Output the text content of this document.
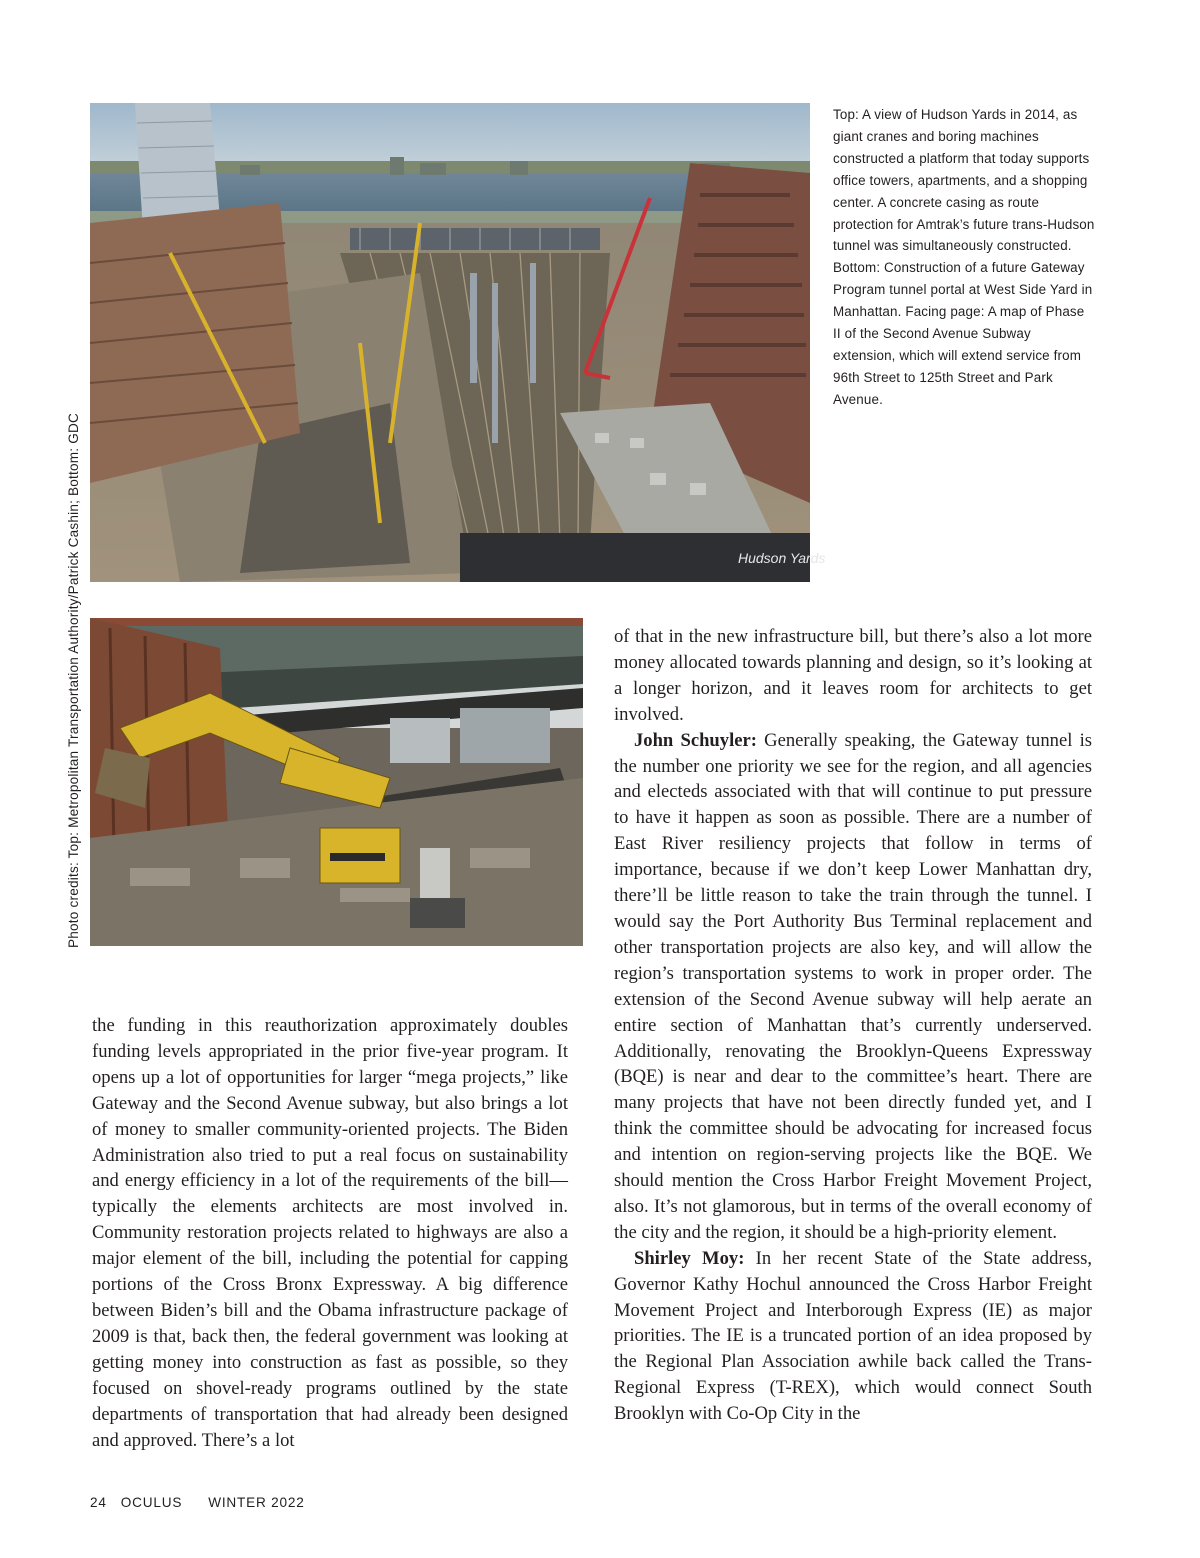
Photo credits: Top: Metropolitan Transportation Authority/Patrick Cashin; Bottom: GDC	Hudson Yards
Top: A view of Hudson Yards in 2014, as giant cranes and boring machines constructed a platform that today supports office towers, apartments, and a shopping center. A concrete casing as route protection for Amtrak’s future trans-Hudson tunnel was simultaneously constructed. Bottom: Construction of a future Gateway Program tunnel portal at West Side Yard in Manhattan. Facing page: A map of Phase II of the Second Avenue Subway extension, which will extend service from 96th Street to 125th Street and Park Avenue.

the funding in this reauthorization approximately doubles funding levels appropriated in the prior five-year program. It opens up a lot of opportunities for larger “mega projects,” like Gateway and the Second Avenue subway, but also brings a lot of money to smaller community-oriented projects. The Biden Administration also tried to put a real focus on sustainability and energy efficiency in a lot of the requirements of the bill—typically the elements architects are most involved in. Community restoration projects related to highways are also a major element of the bill, including the potential for capping portions of the Cross Bronx Expressway. A big difference between Biden’s bill and the Obama infrastructure package of 2009 is that, back then, the federal government was looking at getting money into construction as fast as possible, so they focused on shovel-ready programs outlined by the state departments of transportation that had already been designed and approved. There’s a lot

of that in the new infrastructure bill, but there’s also a lot more money allocated towards planning and design, so it’s looking at a longer horizon, and it leaves room for architects to get involved.

John Schuyler: Generally speaking, the Gateway tunnel is the number one priority we see for the region, and all agencies and electeds associated with that will continue to put pressure to have it happen as soon as possible. There are a number of East River resiliency projects that follow in terms of importance, because if we don’t keep Lower Manhattan dry, there’ll be little reason to take the train through the tunnel. I would say the Port Authority Bus Terminal replacement and other transportation projects are also key, and will allow the region’s transportation systems to work in proper order. The extension of the Second Avenue subway will help aerate an entire section of Manhattan that’s currently underserved. Additionally, renovating the Brooklyn-Queens Expressway (BQE) is near and dear to the committee’s heart. There are many projects that have not been directly funded yet, and I think the committee should be advocating for increased focus and intention on region-serving projects like the BQE. We should mention the Cross Harbor Freight Movement Project, also. It’s not glamorous, but in terms of the overall economy of the city and the region, it should be a high-priority element.

Shirley Moy: In her recent State of the State address, Governor Kathy Hochul announced the Cross Harbor Freight Movement Project and Interborough Express (IE) as major priorities. The IE is a truncated portion of an idea proposed by the Regional Plan Association awhile back called the Trans-Regional Express (T-REX), which would connect South Brooklyn with Co-Op City in the

24 OCULUS WINTER 2022
